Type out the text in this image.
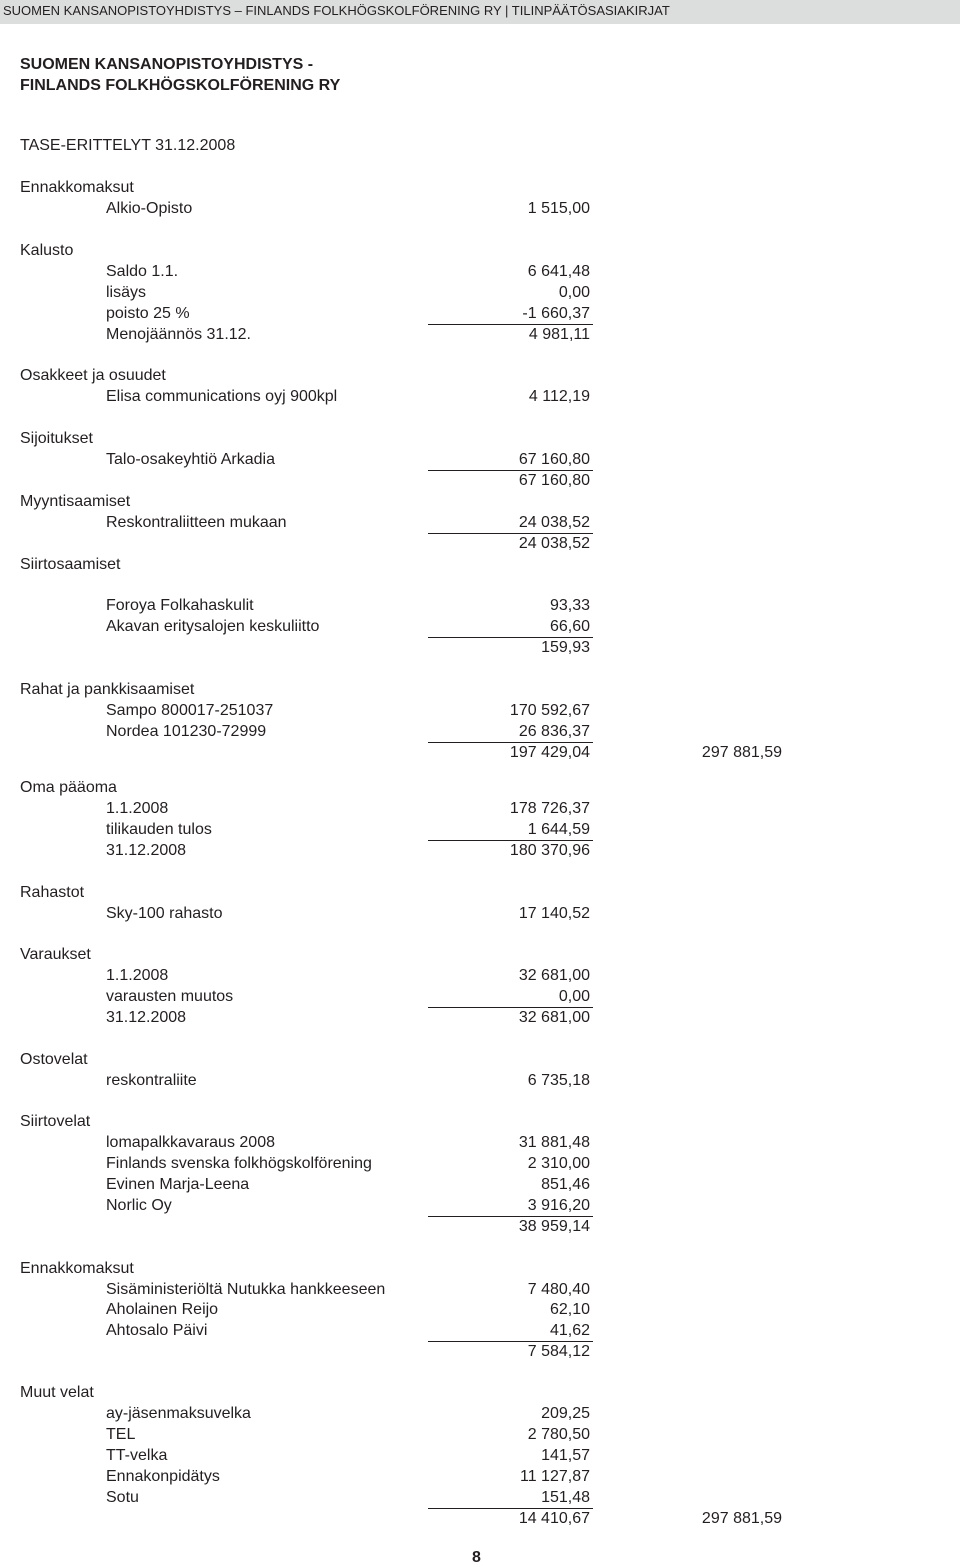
SUOMEN KANSANOPISTOYHDISTYS – FINLANDS FOLKHÖGSKOLFÖRENING RY | TILINPÄÄTÖSASIAKIRJAT
SUOMEN KANSANOPISTOYHDISTYS -
FINLANDS FOLKHÖGSKOLFÖRENING RY
TASE-ERITTELYT 31.12.2008
Ennakkomaksut
Alkio-Opisto	1 515,00
Kalusto
Saldo 1.1.	6 641,48
lisäys	0,00
poisto 25 %	-1 660,37
Menojäännös 31.12.	4 981,11
Osakkeet ja osuudet
Elisa communications oyj 900kpl	4 112,19
Sijoitukset
Talo-osakeyhtiö Arkadia	67 160,80
67 160,80
Myyntisaamiset
Reskontraliitteen mukaan	24 038,52
24 038,52
Siirtosaamiset
Foroya Folkahaskulit	93,33
Akavan eritysalojen keskuliitto	66,60
159,93
Rahat ja pankkisaamiset
Sampo 800017-251037	170 592,67
Nordea 101230-72999	26 836,37
197 429,04	297 881,59
Oma pääoma
1.1.2008	178 726,37
tilikauden tulos	1 644,59
31.12.2008	180 370,96
Rahastot
Sky-100 rahasto	17 140,52
Varaukset
1.1.2008	32 681,00
varausten muutos	0,00
31.12.2008	32 681,00
Ostovelat
reskontraliite	6 735,18
Siirtovelat
lomapalkkavaraus 2008	31 881,48
Finlands svenska folkhögskolförening	2 310,00
Evinen Marja-Leena	851,46
Norlic Oy	3 916,20
38 959,14
Ennakkomaksut
Sisäministeriöltä Nutukka hankkeeseen	7 480,40
Aholainen Reijo	62,10
Ahtosalo Päivi	41,62
7 584,12
Muut velat
ay-jäsenmaksuvelka	209,25
TEL	2 780,50
TT-velka	141,57
Ennakonpidätys	11 127,87
Sotu	151,48
14 410,67	297 881,59
8
